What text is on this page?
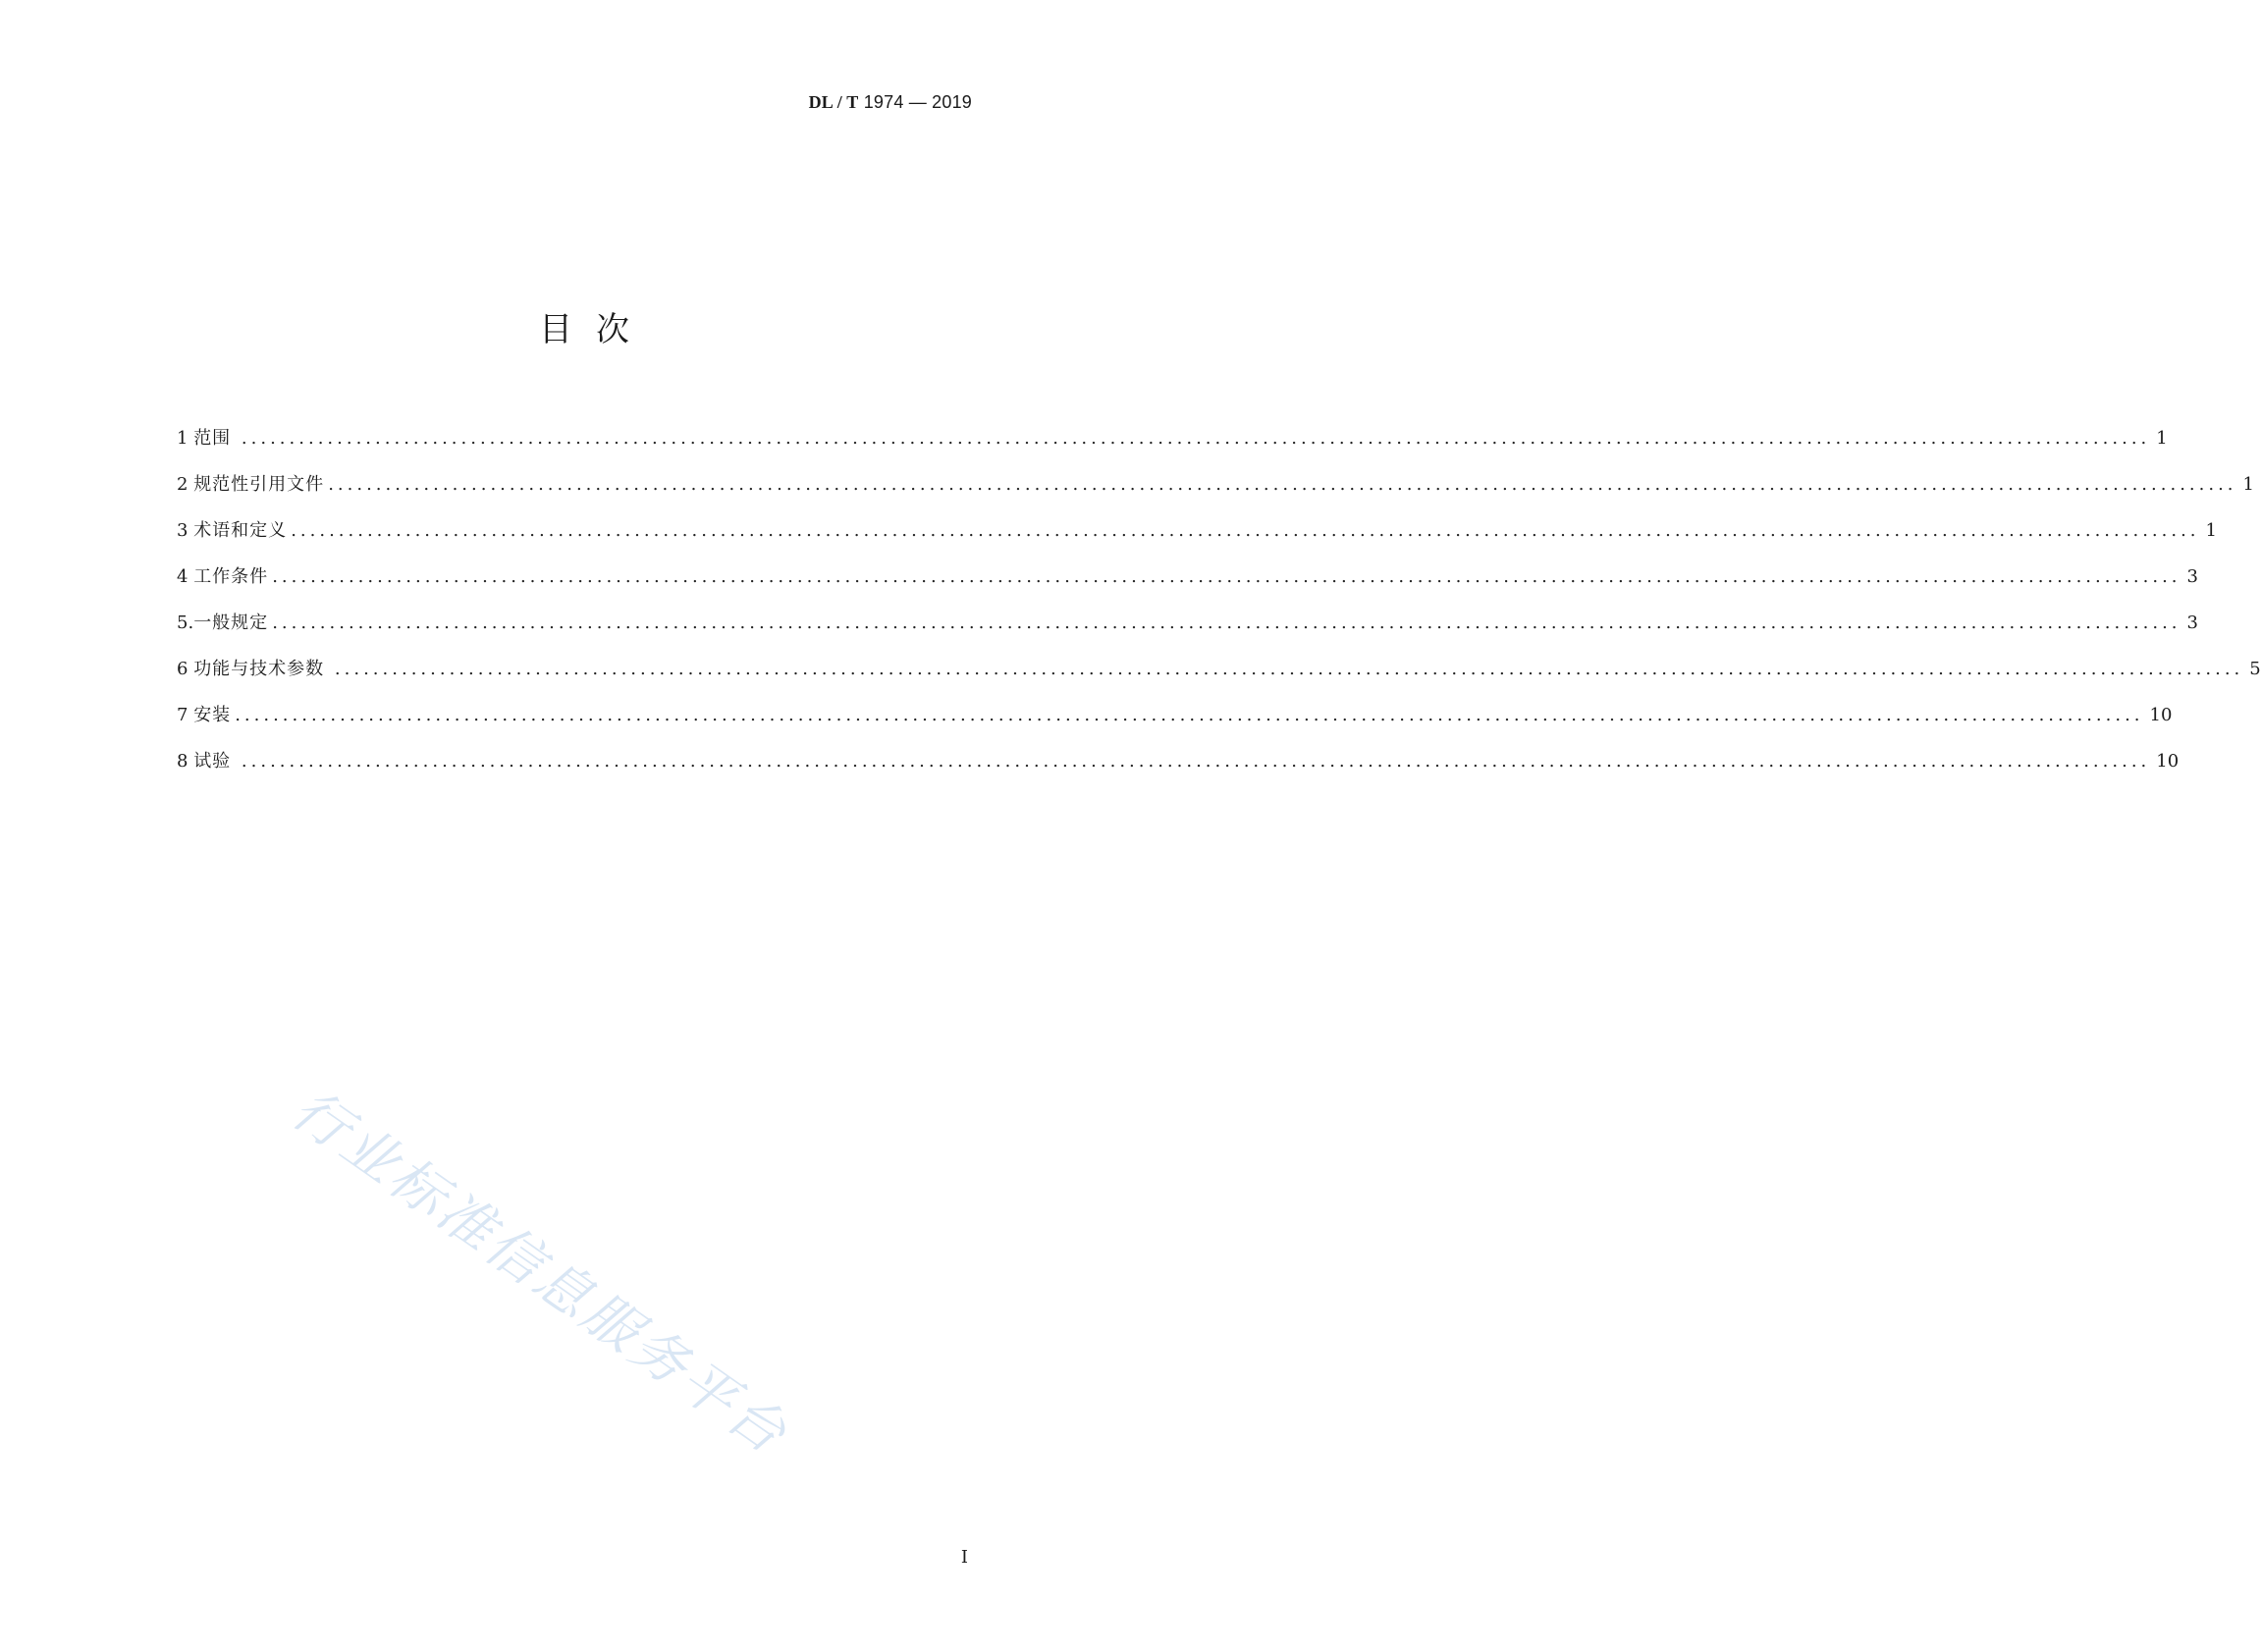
DL / T 1974 — 2019
目次
1 范围 ........................................................................................................................................................................................................ 1
2 规范性引用文件 ........................................................................................................................................................................................................ 1
3 术语和定义 ........................................................................................................................................................................................................ 1
4 工作条件 ........................................................................................................................................................................................................ 3
5. 一般规定 ........................................................................................................................................................................................................ 3
6 功能与技术参数 ........................................................................................................................................................................................................ 5
7 安装 ........................................................................................................................................................................................................ 10
8 试验 ........................................................................................................................................................................................................ 10
行业标准信息服务平台
I
